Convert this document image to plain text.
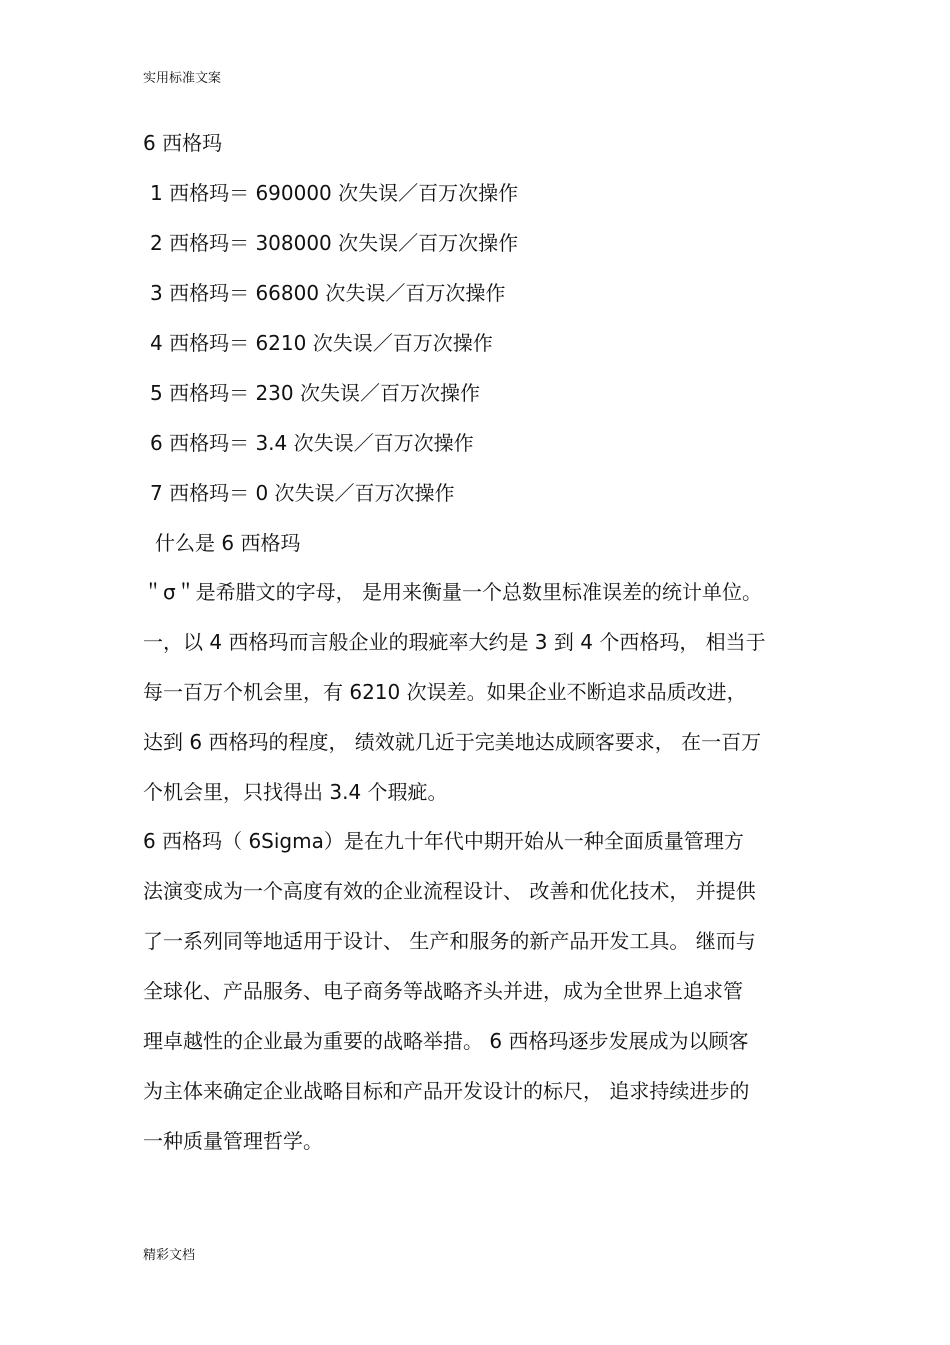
实用标准文案
6 西格玛
1 西格玛＝ 690000 次失误／百万次操作
2 西格玛＝ 308000 次失误／百万次操作
3 西格玛＝ 66800 次失误／百万次操作
4 西格玛＝ 6210 次失误／百万次操作
5 西格玛＝ 230 次失误／百万次操作
6 西格玛＝ 3.4 次失误／百万次操作
7 西格玛＝ 0 次失误／百万次操作
什么是 6 西格玛

＂σ＂是希腊文的字母， 是用来衡量一个总数里标准误差的统计单位。
一，以 4 西格玛而言般企业的瑕疵率大约是 3 到 4 个西格玛， 相当于
每一百万个机会里，有 6210 次误差。如果企业不断追求品质改进，
达到 6 西格玛的程度， 绩效就几近于完美地达成顾客要求， 在一百万
个机会里，只找得出 3.4 个瑕疵。

6 西格玛（ 6Sigma）是在九十年代中期开始从一种全面质量管理方
法演变成为一个高度有效的企业流程设计、 改善和优化技术， 并提供
了一系列同等地适用于设计、 生产和服务的新产品开发工具。 继而与
全球化、产品服务、电子商务等战略齐头并进，成为全世界上追求管
理卓越性的企业最为重要的战略举措。 6 西格玛逐步发展成为以顾客
为主体来确定企业战略目标和产品开发设计的标尺， 追求持续进步的
一种质量管理哲学。

精彩文档
